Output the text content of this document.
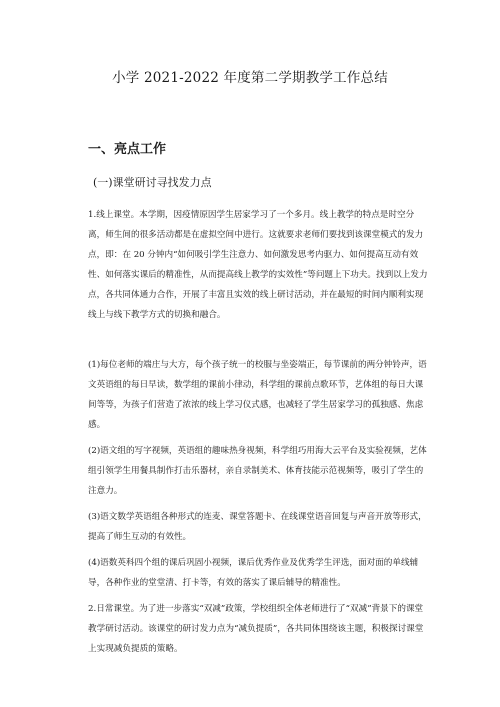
小学 2021-2022 年度第二学期教学工作总结
一、亮点工作
(一)课堂研讨寻找发力点

1.线上课堂。本学期，因疫情原因学生居家学习了一个多月。线上教学的特点是时空分离，师生间的很多活动都是在虚拟空间中进行。这就要求老师们要找到该课堂模式的发力点，即：在 20 分钟内“如何吸引学生注意力、如何激发思考内驱力、如何提高互动有效性、如何落实课后的精准性，从而提高线上教学的实效性”等问题上下功夫。找到以上发力点，各共同体通力合作，开展了丰富且实效的线上研讨活动，并在最短的时间内顺利实现线上与线下教学方式的切换和融合。

(1)每位老师的端庄与大方，每个孩子统一的校服与坐姿端正，每节课前的两分钟铃声，语文英语组的每日早读，数学组的课前小律动，科学组的课前点歌环节，艺体组的每日大课间等等，为孩子们营造了浓浓的线上学习仪式感，也减轻了学生居家学习的孤独感、焦虑感。

(2)语文组的写字视频，英语组的趣味热身视频，科学组巧用海大云平台及实验视频，艺体组引领学生用餐具制作打击乐器材，亲自录制美术、体育技能示范视频等，吸引了学生的注意力。

(3)语文数学英语组各种形式的连麦、课堂答题卡、在线课堂语音回复与声音开放等形式，提高了师生互动的有效性。

(4)语数英科四个组的课后巩固小视频，课后优秀作业及优秀学生评选，面对面的单线辅导，各种作业的堂堂清、打卡等，有效的落实了课后辅导的精准性。

2.日常课堂。为了进一步落实“双减”政策，学校组织全体老师进行了“双减”背景下的课堂教学研讨活动。该课堂的研讨发力点为“减负提质”，各共同体围绕该主题，积极探讨课堂上实现减负提质的策略。
